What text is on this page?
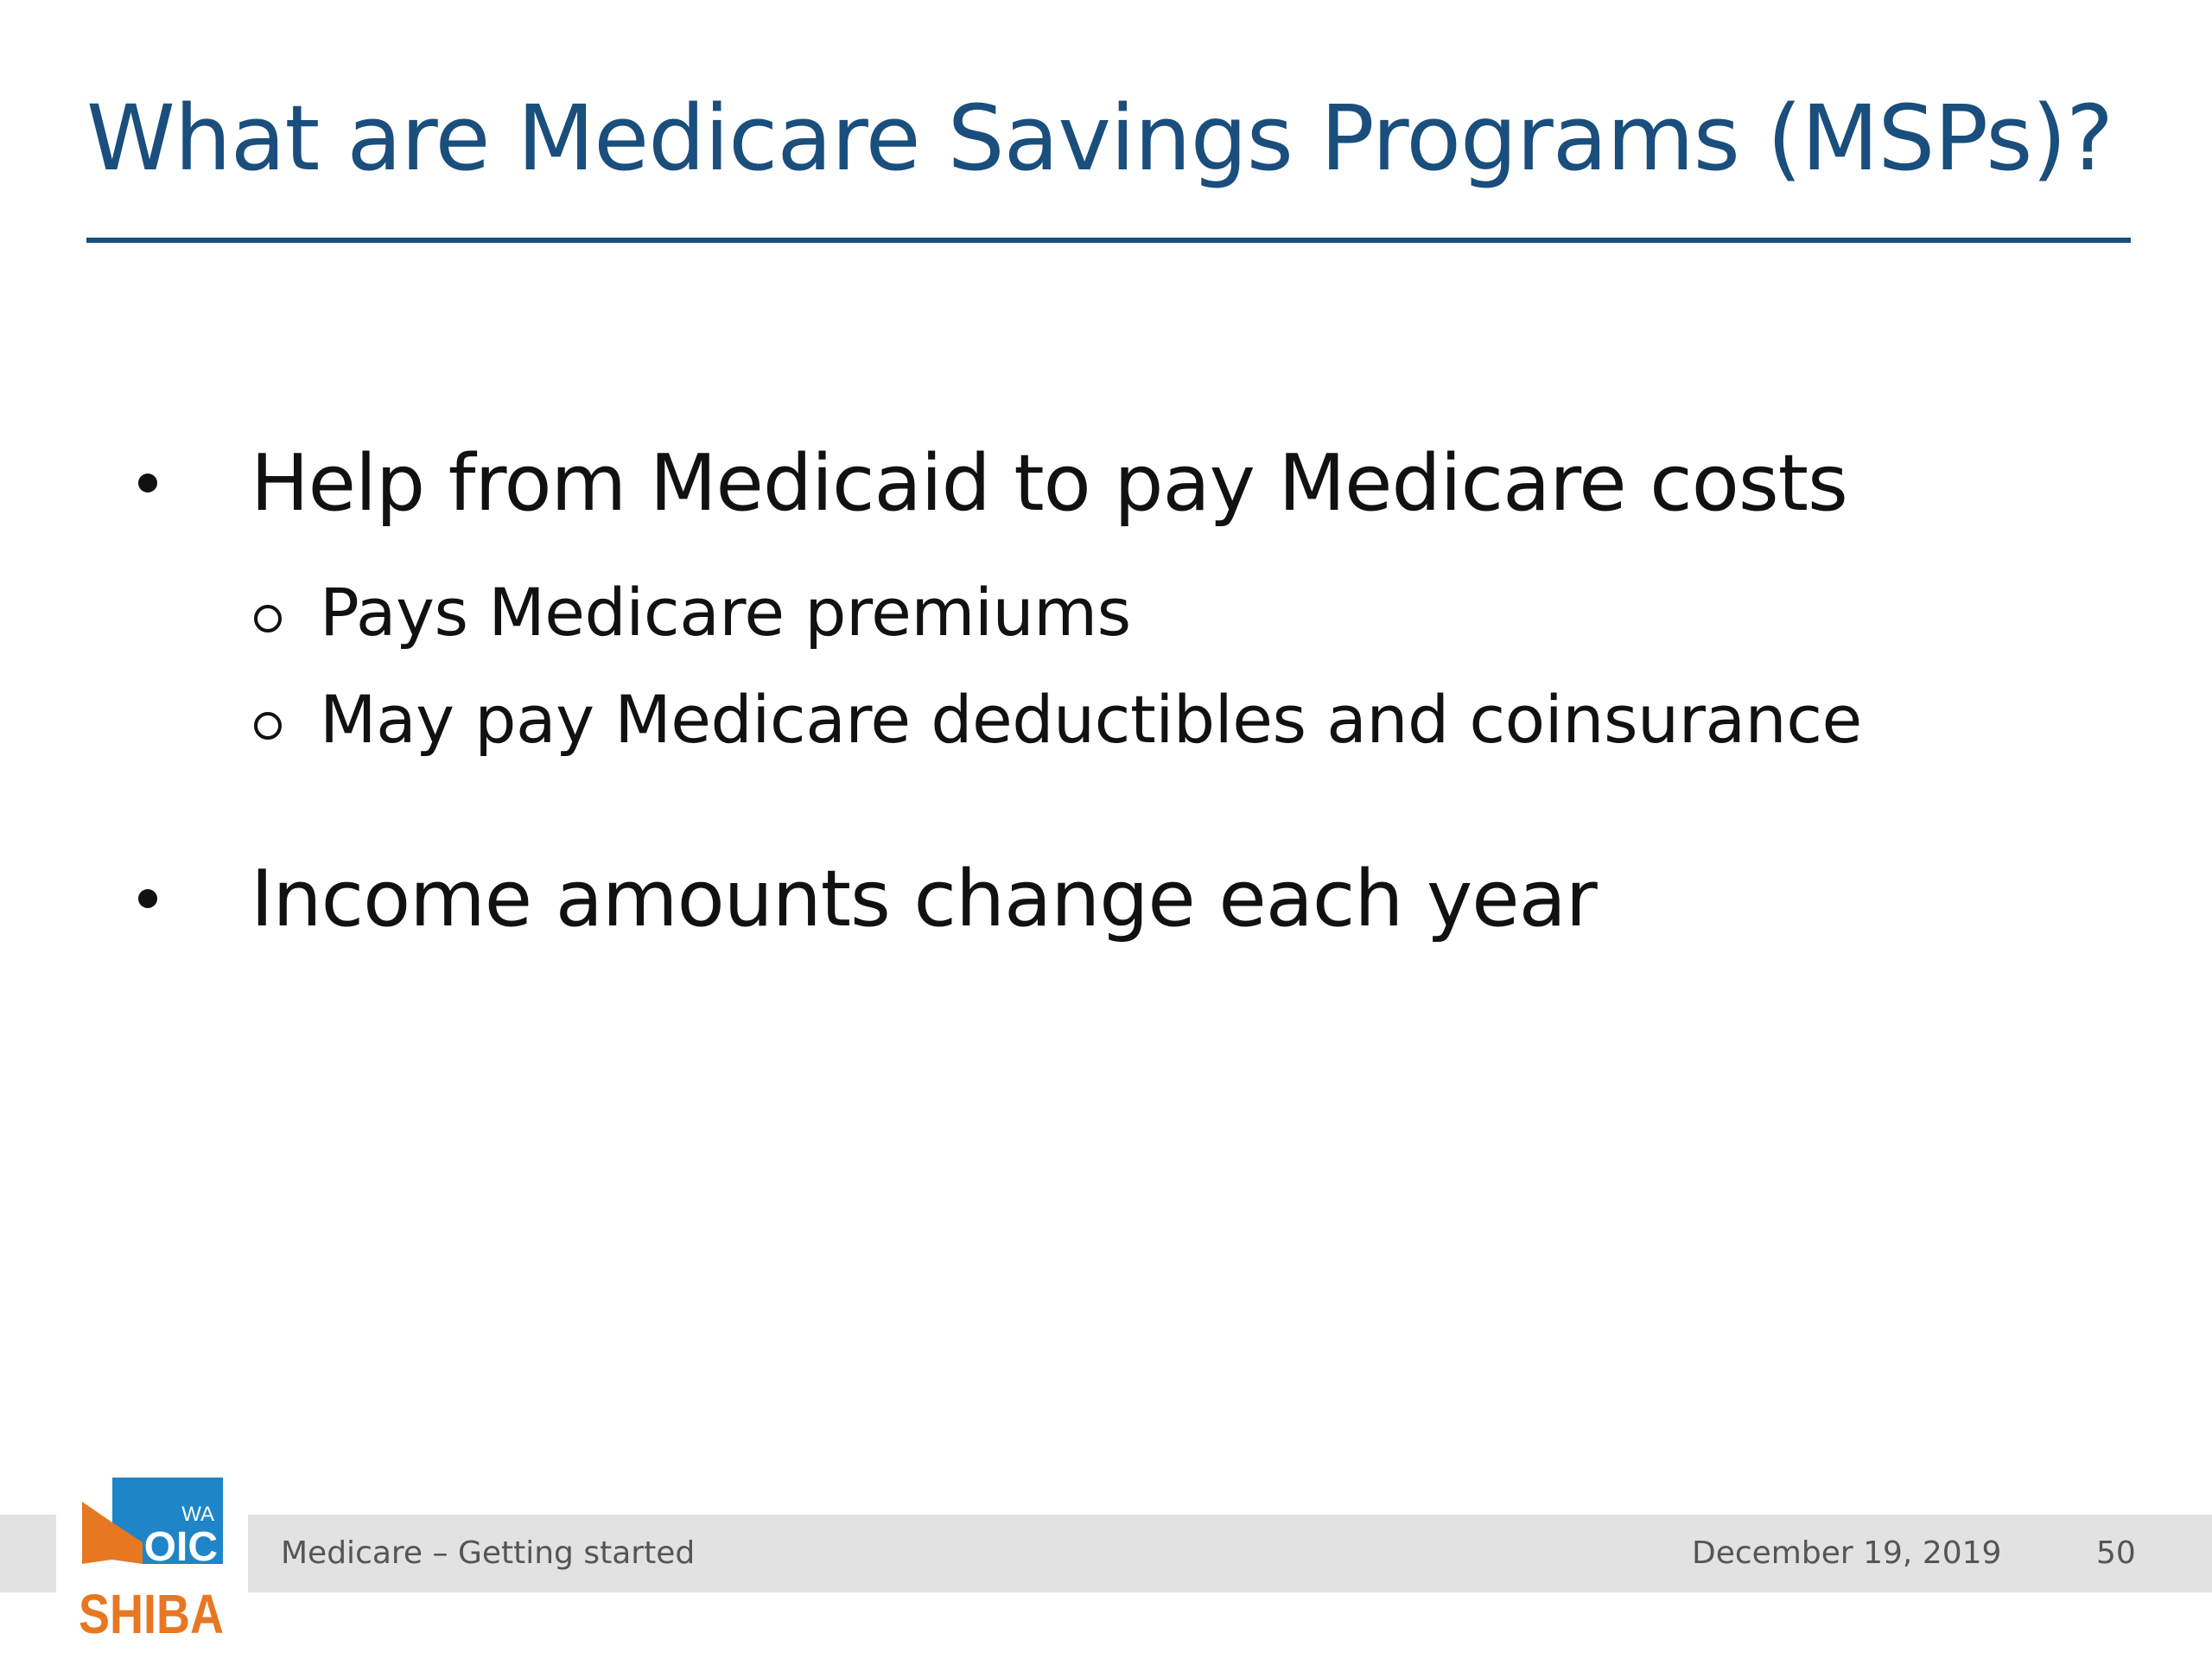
What are Medicare Savings Programs (MSPs)?
Help from Medicaid to pay Medicare costs
Pays Medicare premiums
May pay Medicare deductibles and coinsurance
Income amounts change each year
WA
OIC
SHIBA
Medicare – Getting started	December 19, 2019	50
